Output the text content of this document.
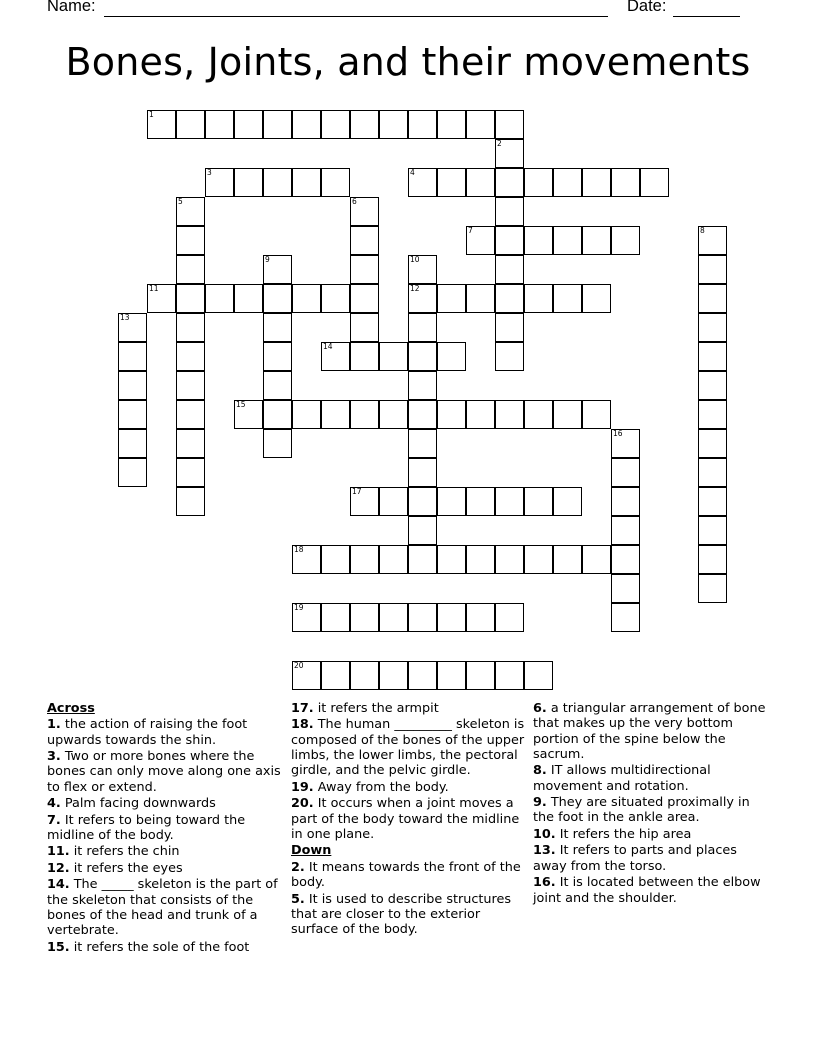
Name:	Date:
Bones, Joints, and their movements
1
2
3	4
5	6
7	8
9	10
12
11
13
14
15
16
17
18
19
20
Across
1. the action of raising the foot upwards towards the shin.
3. Two or more bones where the bones can only move along one axis to flex or extend.
4. Palm facing downwards
7. It refers to being toward the midline of the body.
11. it refers the chin
12. it refers the eyes
14. The _____ skeleton is the part of the skeleton that consists of the bones of the head and trunk of a vertebrate.
15. it refers the sole of the foot
17. it refers the armpit
18. The human _________ skeleton is composed of the bones of the upper limbs, the lower limbs, the pectoral girdle, and the pelvic girdle.
19. Away from the body.
20. It occurs when a joint moves a part of the body toward the midline in one plane.
Down
2. It means towards the front of the body.
5. It is used to describe structures that are closer to the exterior surface of the body.
6. a triangular arrangement of bone that makes up the very bottom portion of the spine below the sacrum.
8. IT allows multidirectional movement and rotation.
9. They are situated proximally in the foot in the ankle area.
10. It refers the hip area
13. It refers to parts and places away from the torso.
16. It is located between the elbow joint and the shoulder.
